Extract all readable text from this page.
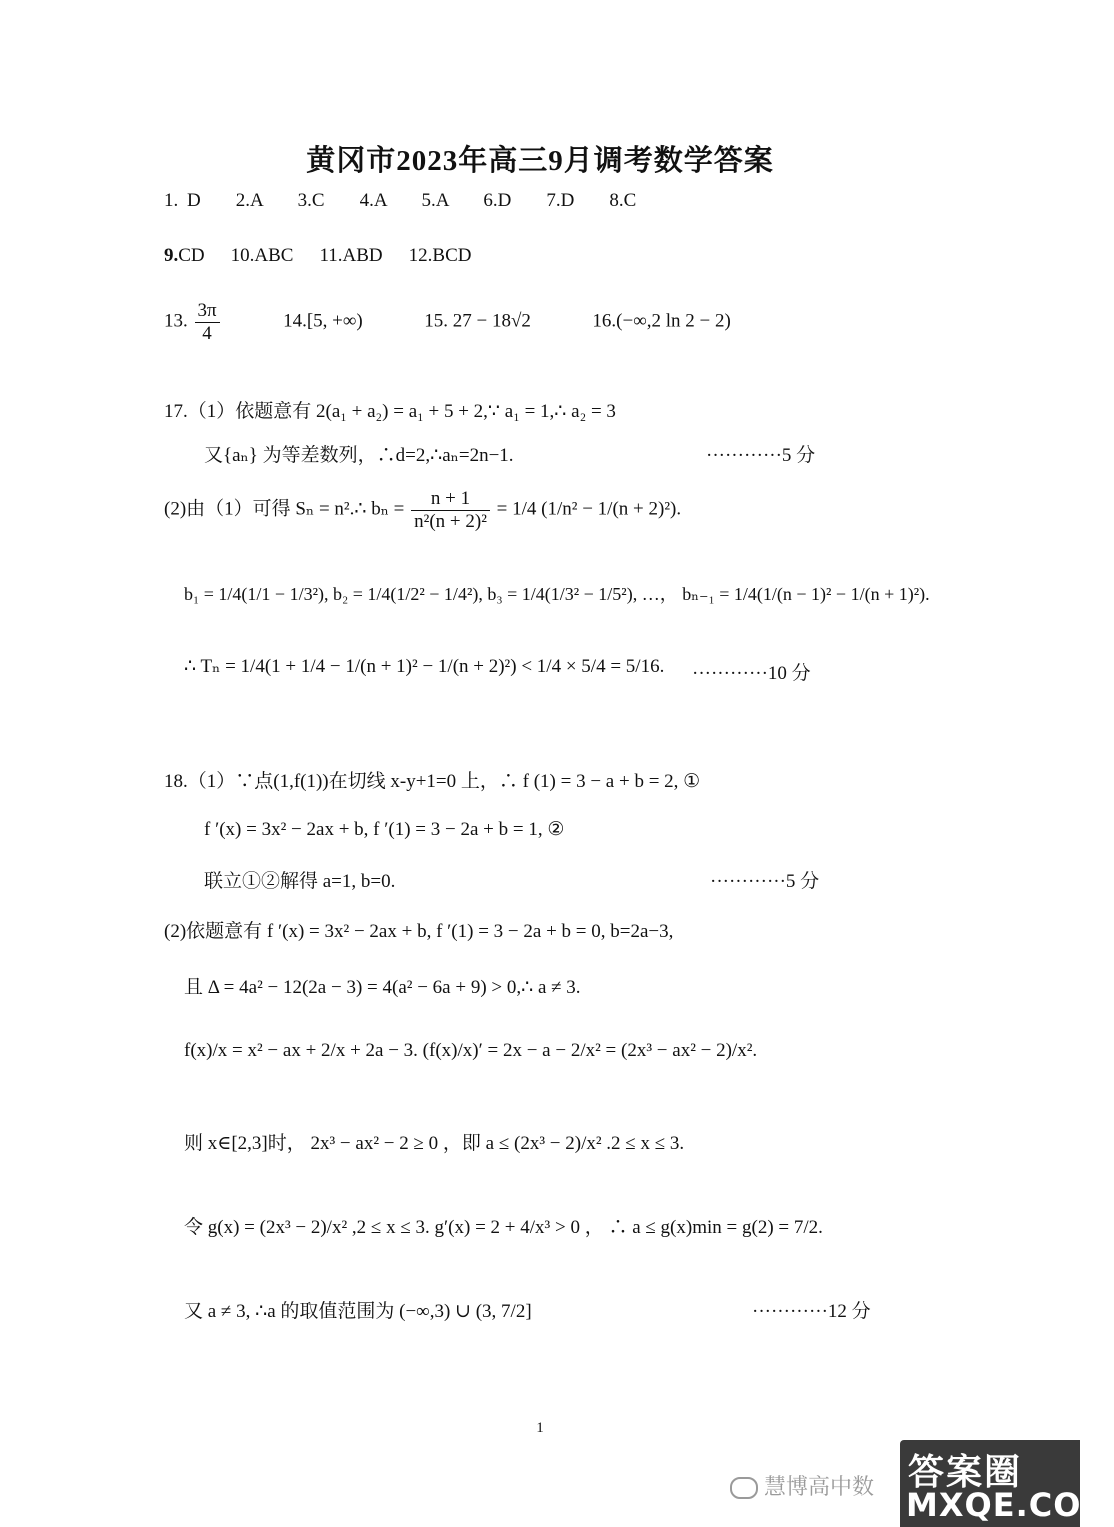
黄冈市2023年高三9月调考数学答案
1. D    2.A    3.C    4.A    5.A    6.D    7.D    8.C
9.CD 10.ABC 11.ABD 12.BCD
13. $\frac{3\pi}{4}$	14.[5, +∞)	15. 27 − 18√2	16.(−∞,2 ln 2 − 2)
17.（1）依题意有 2(a₁ + a₂) = a₁ + 5 + 2,∵ a₁ = 1,∴ a₂ = 3
又{aₙ} 为等差数列，∴d=2,∴aₙ=2n−1.	············5 分
(2)由（1）可得 Sₙ = n².∴ $b_n = \frac{n + 1}{\text{n²(n + 2)²}} = 1/4$ (1/n² − 1/(n + 2)²).
b₁ = 1/4(1/1 − 1/3²), b₂ = 1/4(1/2² − 1/4²), b₃ = 1/4(1/3² − 1/5²), …， bₙ₋₁ = 1/4(1/(n − 1)² − 1/(n + 1)²).
∴ Tₙ = 1/4(1 + 1/4 − 1/(n + 1)² − 1/(n + 2)²) < 1/4 × 5/4 = 5/16. ············10 分
18.（1）∵点(1,f(1))在切线 x-y+1=0 上，∴ f (1) = 3 − a + b = 2, ①
f ′(x) = 3x² − 2ax + b, f ′(1) = 3 − 2a + b = 1, ②
联立①②解得 a=1, b=0.	············5 分
(2)依题意有 f ′(x) = 3x² − 2ax + b, f ′(1) = 3 − 2a + b = 0, b=2a−3,
且 Δ = 4a² − 12(2a − 3) = 4(a² − 6a + 9) > 0,∴ a ≠ 3.
f(x)/x = x² − ax + 2/x + 2a − 3. (f(x)/x)′ = 2x − a − 2/x² = (2x³ − ax² − 2)/x².
则 x∈[2,3]时， 2x³ − ax² − 2 ≥ 0 ，即 a ≤ (2x³ − 2)/x² .2 ≤ x ≤ 3.
令 g(x) = (2x³ − 2)/x² ,2 ≤ x ≤ 3. g′(x) = 2 + 4/x³ > 0 ， ∴ a ≤ g(x)min = g(2) = 7/2.
又 a ≠ 3, ∴a 的取值范围为 (−∞,3) ∪ (3, 7/2]	············12 分
1
慧博高中数 答案圈
MXQE.COM
